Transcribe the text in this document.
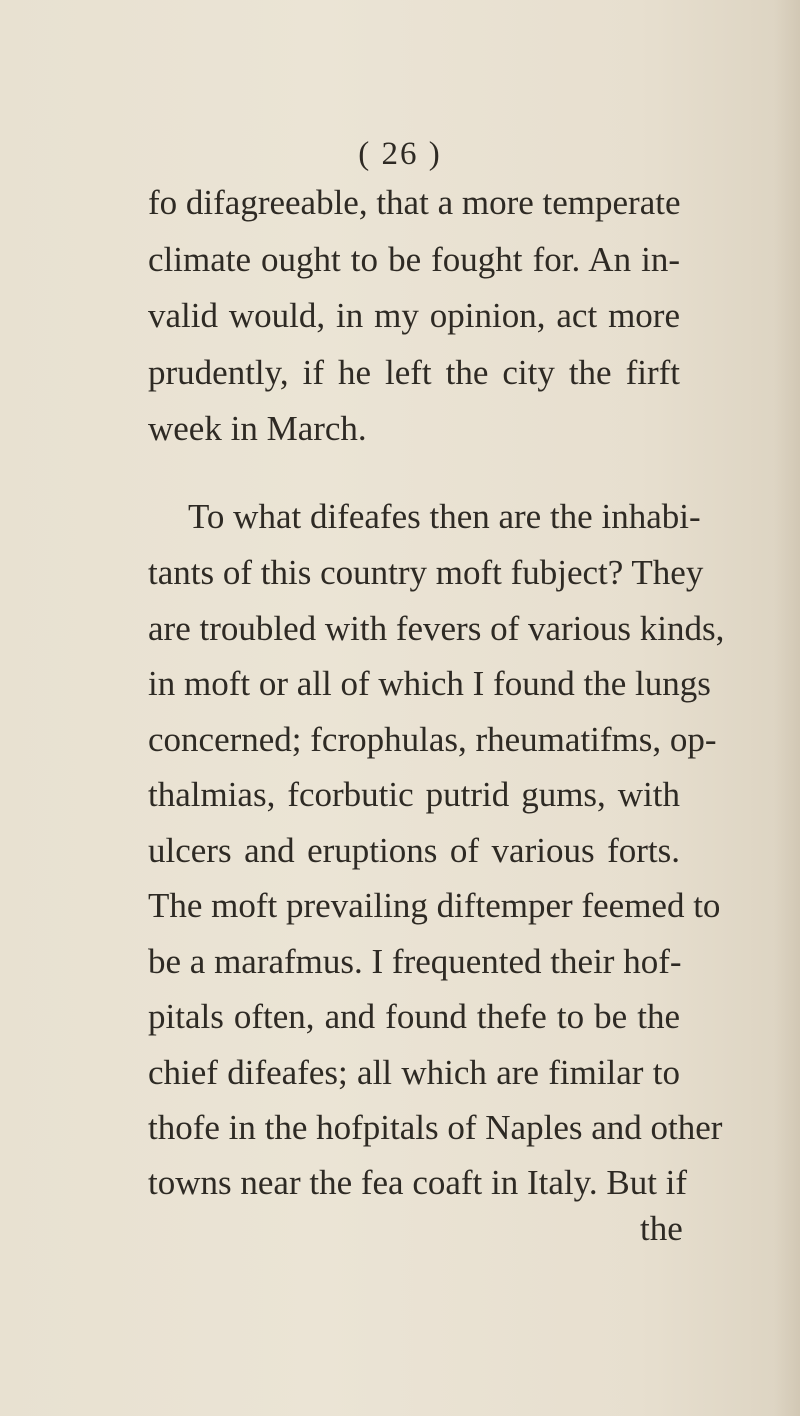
( 26 )
fo difagreeable, that a more temperate
climate ought to be fought for. An in-
valid would, in my opinion, act more
prudently, if he left the city the firft
week in March.
To what difeafes then are the inhabi-
tants of this country moft fubject? They
are troubled with fevers of various kinds,
in moft or all of which I found the lungs
concerned; fcrophulas, rheumatifms, op-
thalmias, fcorbutic putrid gums, with
ulcers and eruptions of various forts.
The moft prevailing diftemper feemed to
be a marafmus. I frequented their hof-
pitals often, and found thefe to be the
chief difeafes; all which are fimilar to
thofe in the hofpitals of Naples and other
towns near the fea coaft in Italy. But if
the
